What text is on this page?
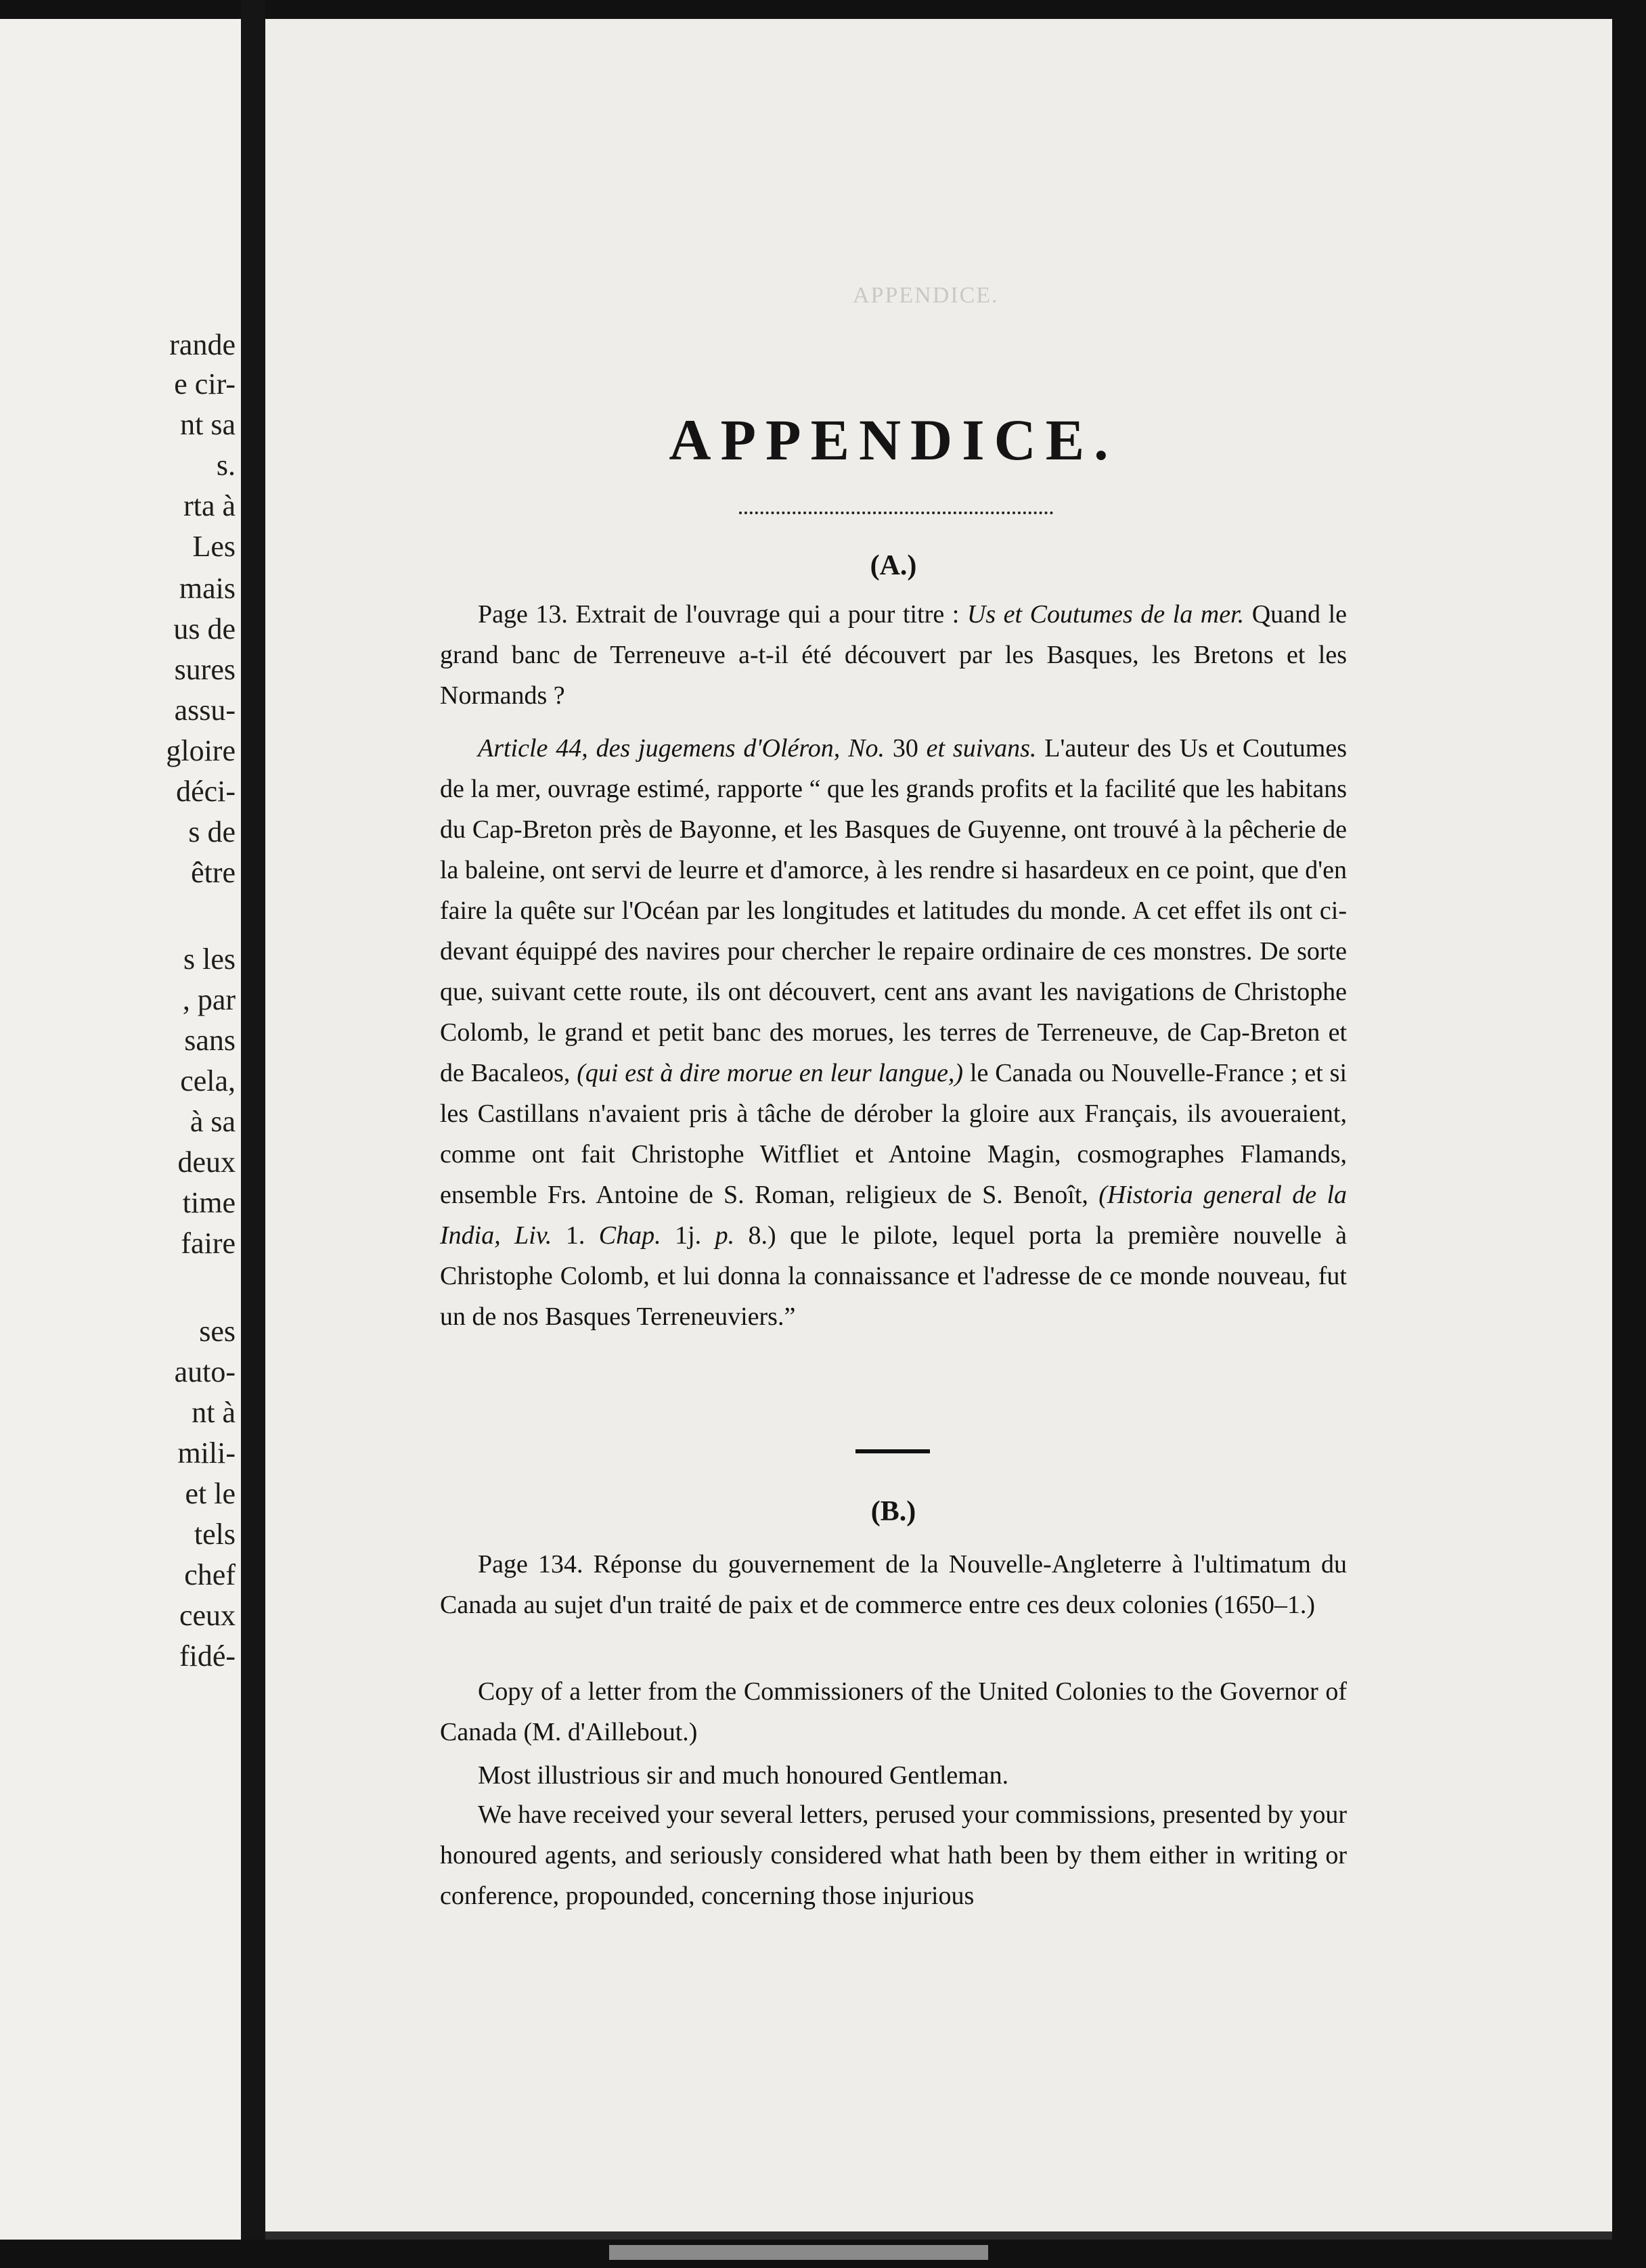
rande
e cir-
nt sa
s.
rta à
Les
mais
us de
sures
assu-
gloire
déci-
s de
être
s les
, par
sans
cela,
à sa
deux
time
faire
ses
auto-
nt à
mili-
et le
tels
chef
ceux
fidé-
APPENDICE.
APPENDICE.
(A.)

Page 13. Extrait de l'ouvrage qui a pour titre : Us et Coutumes de la mer. Quand le grand banc de Terreneuve a-t-il été découvert par les Basques, les Bretons et les Normands ?

Article 44, des jugemens d'Oléron, No. 30 et suivans. L'auteur des Us et Coutumes de la mer, ouvrage estimé, rapporte “ que les grands profits et la facilité que les habitans du Cap-Breton près de Bayonne, et les Basques de Guyenne, ont trouvé à la pêcherie de la baleine, ont servi de leurre et d'amorce, à les rendre si hasardeux en ce point, que d'en faire la quête sur l'Océan par les longitudes et latitudes du monde. A cet effet ils ont ci-devant équippé des navires pour chercher le repaire ordinaire de ces monstres. De sorte que, suivant cette route, ils ont découvert, cent ans avant les navigations de Christophe Colomb, le grand et petit banc des morues, les terres de Terreneuve, de Cap-Breton et de Bacaleos, (qui est à dire morue en leur langue,) le Canada ou Nouvelle-France ; et si les Castillans n'avaient pris à tâche de dérober la gloire aux Français, ils avoueraient, comme ont fait Christophe Witfliet et Antoine Magin, cosmographes Flamands, ensemble Frs. Antoine de S. Roman, religieux de S. Benoît, (Historia general de la India, Liv. 1. Chap. 1j. p. 8.) que le pilote, lequel porta la première nouvelle à Christophe Colomb, et lui donna la connaissance et l'adresse de ce monde nouveau, fut un de nos Basques Terreneuviers.”

(B.)

Page 134. Réponse du gouvernement de la Nouvelle-Angleterre à l'ultimatum du Canada au sujet d'un traité de paix et de commerce entre ces deux colonies (1650–1.)

Copy of a letter from the Commissioners of the United Colonies to the Governor of Canada (M. d'Aillebout.)

Most illustrious sir and much honoured Gentleman.

We have received your several letters, perused your commissions, presented by your honoured agents, and seriously considered what hath been by them either in writing or conference, propounded, concerning those injurious
